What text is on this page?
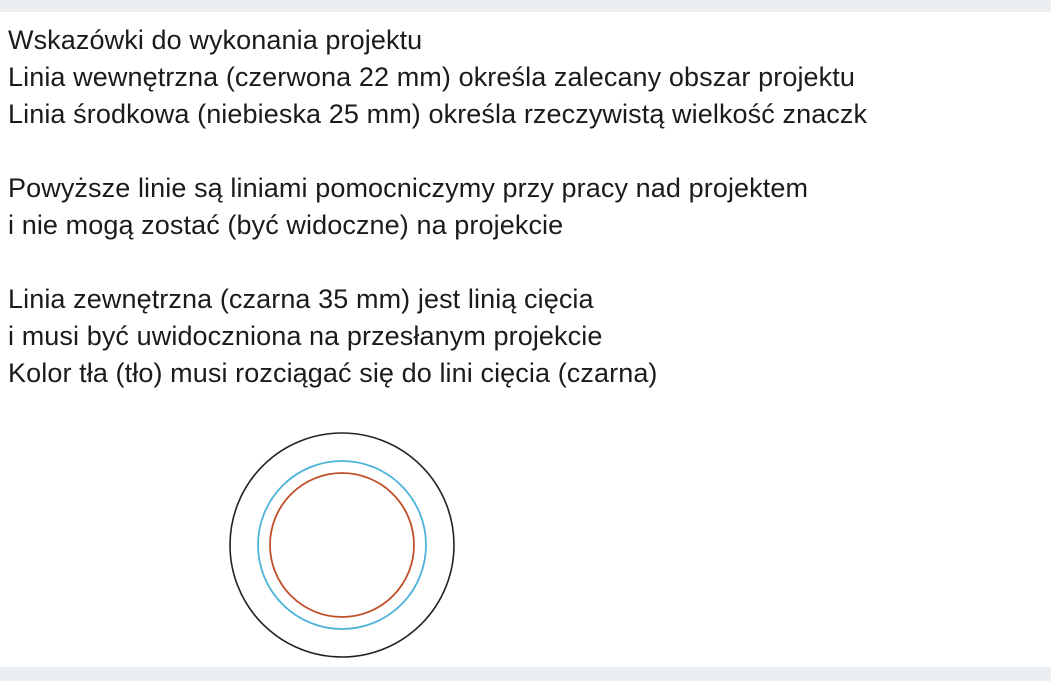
Wskazówki do wykonania projektu
Linia wewnętrzna (czerwona 22 mm) określa zalecany obszar projektu
Linia środkowa (niebieska 25 mm) określa rzeczywistą wielkość znaczk
Powyższe linie są liniami pomocniczymy przy pracy nad projektem
i nie mogą zostać (być widoczne) na projekcie
Linia zewnętrzna (czarna 35 mm) jest linią cięcia
i musi być uwidoczniona na przesłanym projekcie
Kolor tła (tło) musi rozciągać się do lini cięcia (czarna)
